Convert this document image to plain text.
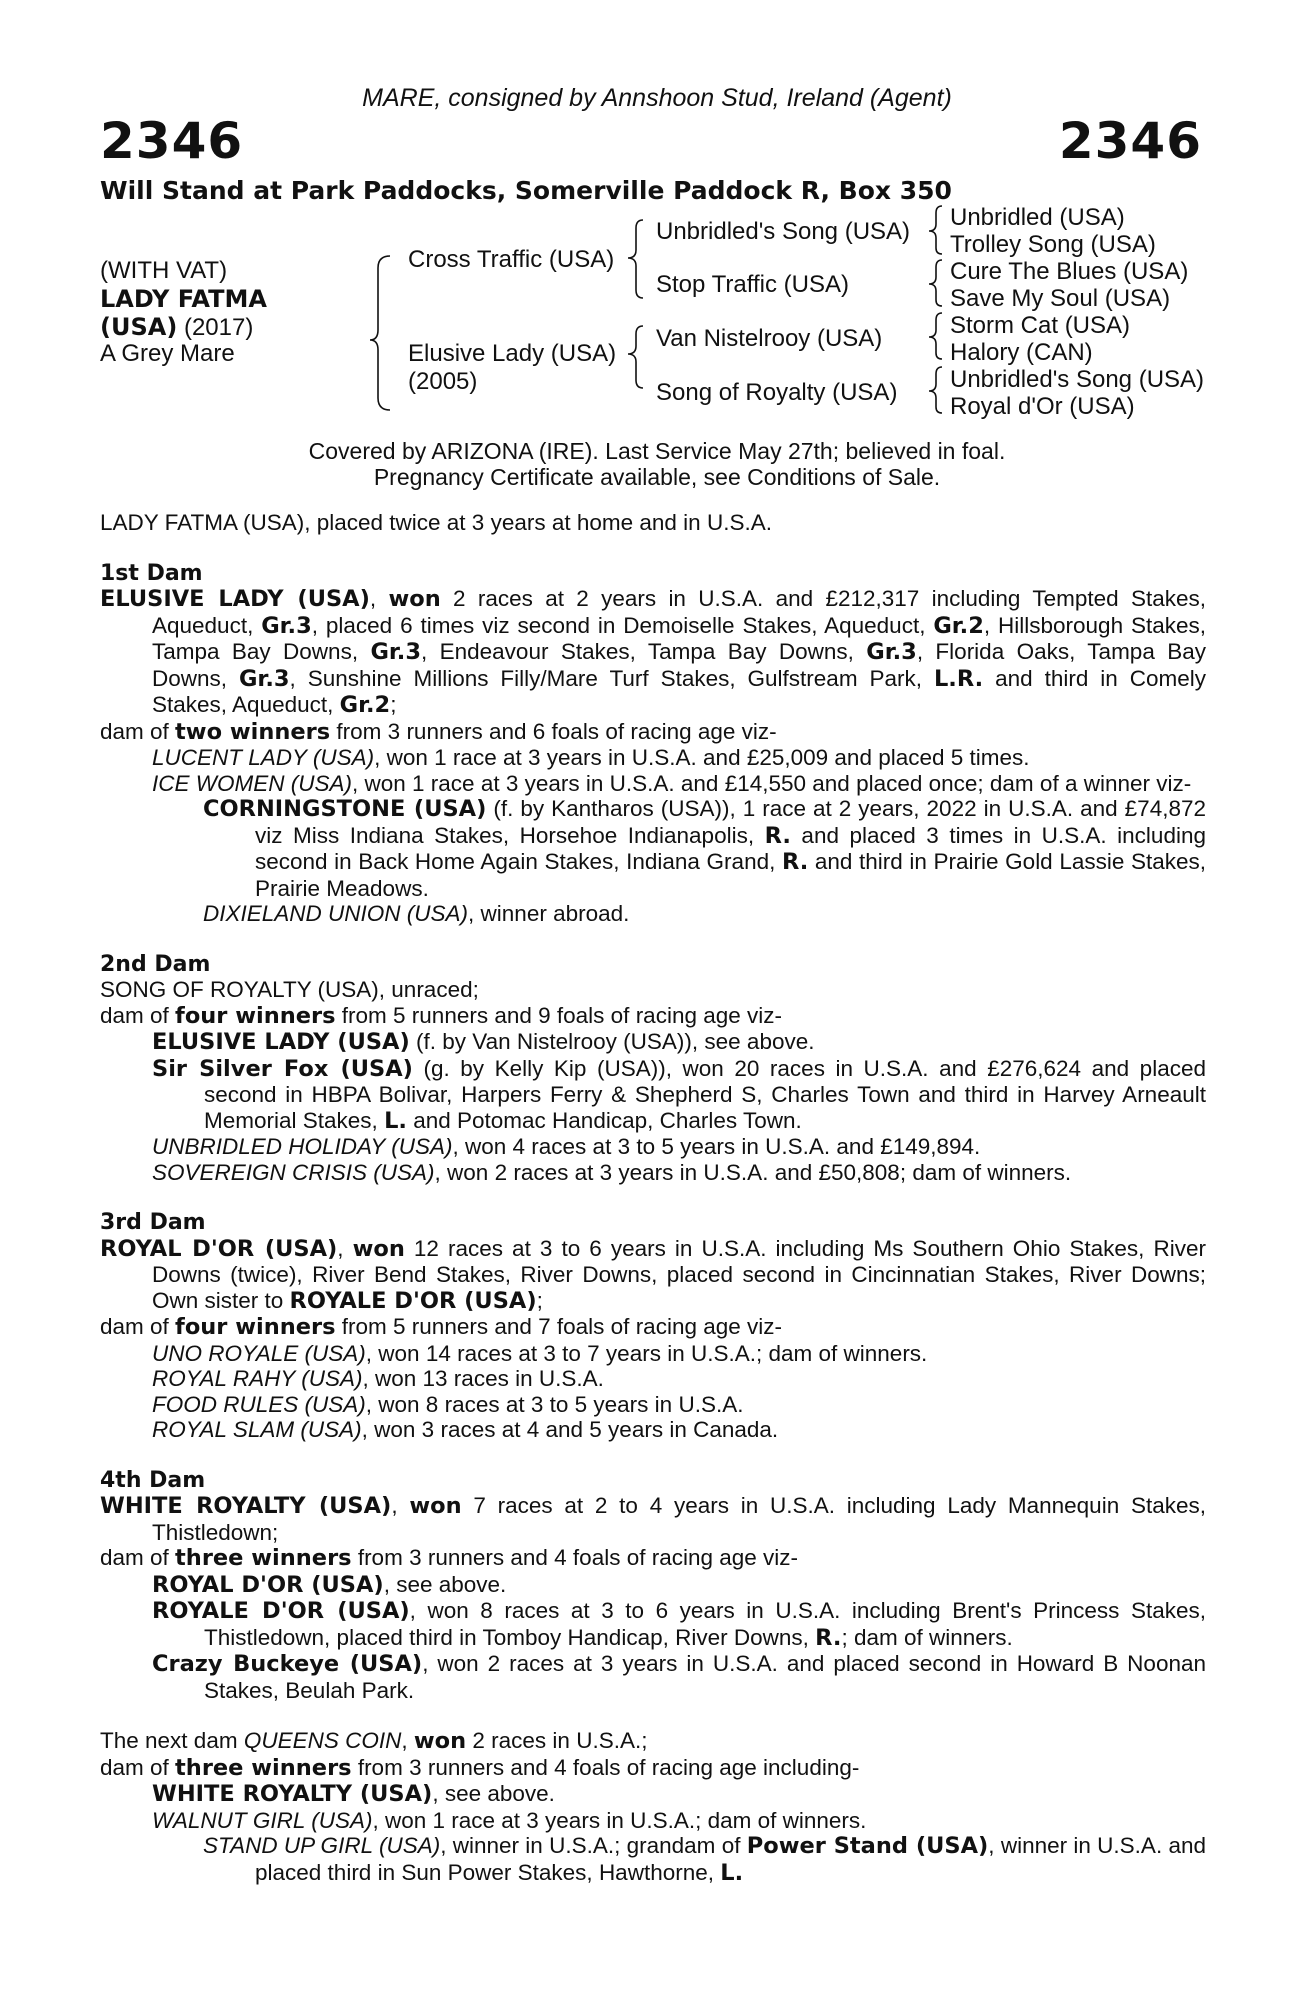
MARE, consigned by Annshoon Stud, Ireland (Agent)
2346	2346
Will Stand at Park Paddocks, Somerville Paddock R, Box 350
(WITH VAT)
LADY FATMA
(USA) (2017)
A Grey Mare
Cross Traffic (USA)
Elusive Lady (USA)
(2005)
Unbridled's Song (USA)
Stop Traffic (USA)
Van Nistelrooy (USA)
Song of Royalty (USA)
Unbridled (USA)
Trolley Song (USA)
Cure The Blues (USA)
Save My Soul (USA)
Storm Cat (USA)
Halory (CAN)
Unbridled's Song (USA)
Royal d'Or (USA)
Covered by ARIZONA (IRE). Last Service May 27th; believed in foal.
Pregnancy Certificate available, see Conditions of Sale.

LADY FATMA (USA), placed twice at 3 years at home and in U.S.A.

1st Dam

ELUSIVE LADY (USA), won 2 races at 2 years in U.S.A. and £212,317 including Tempted Stakes, Aqueduct, Gr.3, placed 6 times viz second in Demoiselle Stakes, Aqueduct, Gr.2, Hillsborough Stakes, Tampa Bay Downs, Gr.3, Endeavour Stakes, Tampa Bay Downs, Gr.3, Florida Oaks, Tampa Bay Downs, Gr.3, Sunshine Millions Filly/Mare Turf Stakes, Gulfstream Park, L.R. and third in Comely Stakes, Aqueduct, Gr.2;

dam of two winners from 3 runners and 6 foals of racing age viz-

LUCENT LADY (USA), won 1 race at 3 years in U.S.A. and £25,009 and placed 5 times.

ICE WOMEN (USA), won 1 race at 3 years in U.S.A. and £14,550 and placed once; dam of a winner viz-

CORNINGSTONE (USA) (f. by Kantharos (USA)), 1 race at 2 years, 2022 in U.S.A. and £74,872 viz Miss Indiana Stakes, Horsehoe Indianapolis, R. and placed 3 times in U.S.A. including second in Back Home Again Stakes, Indiana Grand, R. and third in Prairie Gold Lassie Stakes, Prairie Meadows.

DIXIELAND UNION (USA), winner abroad.

2nd Dam

SONG OF ROYALTY (USA), unraced;

dam of four winners from 5 runners and 9 foals of racing age viz-

ELUSIVE LADY (USA) (f. by Van Nistelrooy (USA)), see above.

Sir Silver Fox (USA) (g. by Kelly Kip (USA)), won 20 races in U.S.A. and £276,624 and placed second in HBPA Bolivar, Harpers Ferry & Shepherd S, Charles Town and third in Harvey Arneault Memorial Stakes, L. and Potomac Handicap, Charles Town.

UNBRIDLED HOLIDAY (USA), won 4 races at 3 to 5 years in U.S.A. and £149,894.

SOVEREIGN CRISIS (USA), won 2 races at 3 years in U.S.A. and £50,808; dam of winners.

3rd Dam

ROYAL D'OR (USA), won 12 races at 3 to 6 years in U.S.A. including Ms Southern Ohio Stakes, River Downs (twice), River Bend Stakes, River Downs, placed second in Cincinnatian Stakes, River Downs; Own sister to ROYALE D'OR (USA);

dam of four winners from 5 runners and 7 foals of racing age viz-

UNO ROYALE (USA), won 14 races at 3 to 7 years in U.S.A.; dam of winners.

ROYAL RAHY (USA), won 13 races in U.S.A.

FOOD RULES (USA), won 8 races at 3 to 5 years in U.S.A.

ROYAL SLAM (USA), won 3 races at 4 and 5 years in Canada.

4th Dam

WHITE ROYALTY (USA), won 7 races at 2 to 4 years in U.S.A. including Lady Mannequin Stakes, Thistledown;

dam of three winners from 3 runners and 4 foals of racing age viz-

ROYAL D'OR (USA), see above.

ROYALE D'OR (USA), won 8 races at 3 to 6 years in U.S.A. including Brent's Princess Stakes, Thistledown, placed third in Tomboy Handicap, River Downs, R.; dam of winners.

Crazy Buckeye (USA), won 2 races at 3 years in U.S.A. and placed second in Howard B Noonan Stakes, Beulah Park.

The next dam QUEENS COIN, won 2 races in U.S.A.;

dam of three winners from 3 runners and 4 foals of racing age including-

WHITE ROYALTY (USA), see above.

WALNUT GIRL (USA), won 1 race at 3 years in U.S.A.; dam of winners.

STAND UP GIRL (USA), winner in U.S.A.; grandam of Power Stand (USA), winner in U.S.A. and placed third in Sun Power Stakes, Hawthorne, L.
